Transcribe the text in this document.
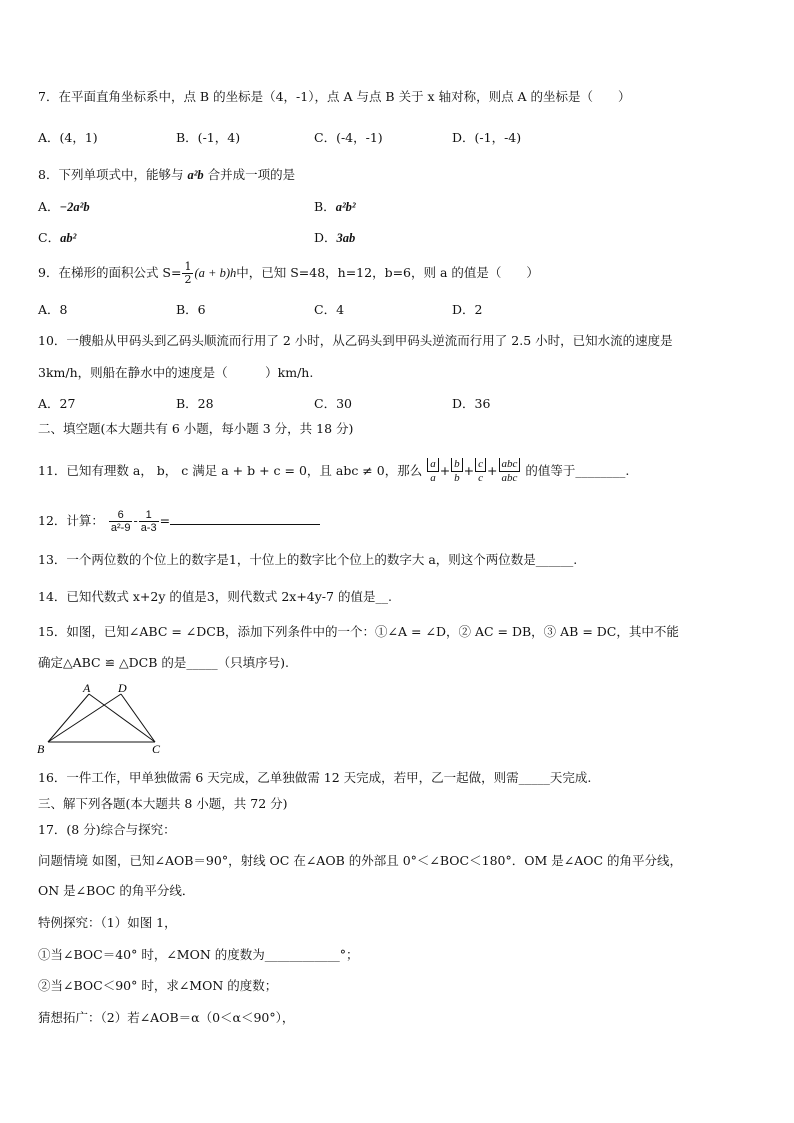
7．在平面直角坐标系中，点 B 的坐标是（4，-1），点 A 与点 B 关于 x 轴对称，则点 A 的坐标是（　　）
A．(4，1)	B．(-1，4)	C．(-4，-1)	D．(-1，-4)
8．下列单项式中，能够与 a²b 合并成一项的是
A．−2a²b	B．a²b²
C．ab²	D．3ab
9．在梯形的面积公式 $S= \frac{1}{2} (a + b)h$中，已知 S=48，h=12，b=6，则 a 的值是（　　）
A．8	B．6	C．4	D．2
10．一艘船从甲码头到乙码头顺流而行用了 2 小时，从乙码头到甲码头逆流而行用了 2.5 小时，已知水流的速度是
3km/h，则船在静水中的速度是（　　　）km/h.
A．27	B．28	C．30	D．36
二、填空题(本大题共有 6 小题，每小题 3 分，共 18 分)
11．已知有理数 a， b， c 满足 a + b + c = 0，且 abc ≠ 0，那么 $\frac{a}{a} + \frac{b}{b} + \frac{c}{c}$ + abc
abc 的值等于________.
12．计算： $\frac{6}{\text{a²-9}} - \frac{1}{a-3}$ =
13．一个两位数的个位上的数字是1，十位上的数字比个位上的数字大 a，则这个两位数是______.
14．已知代数式 x+2y 的值是3，则代数式 2x+4y-7 的值是__.
15．如图，已知∠ABC = ∠DCB，添加下列条件中的一个：①∠A = ∠D，② AC = DB，③ AB = DC，其中不能
确定△ABC ≌ △DCB 的是_____（只填序号).
A D
B	C
16．一件工作，甲单独做需 6 天完成，乙单独做需 12 天完成，若甲，乙一起做，则需_____天完成.
三、解下列各题(本大题共 8 小题，共 72 分)
17．(8 分)综合与探究：
问题情境 如图，已知∠AOB＝90°，射线 OC 在∠AOB 的外部且 0°＜∠BOC＜180°．OM 是∠AOC 的角平分线，
ON 是∠BOC 的角平分线．
特例探究：（1）如图 1，
①当∠BOC＝40° 时，∠MON 的度数为____________°；
②当∠BOC＜90° 时，求∠MON 的度数；
猜想拓广：（2）若∠AOB＝α（0＜α＜90°），
